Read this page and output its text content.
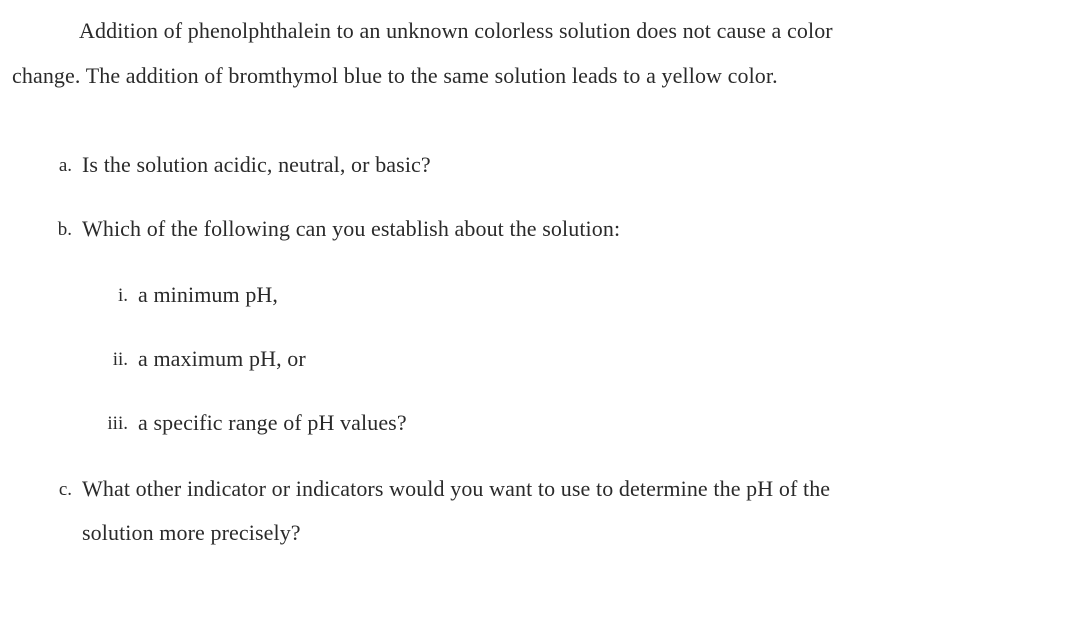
Addition of phenolphthalein to an unknown colorless solution does not cause a color
change. The addition of bromthymol blue to the same solution leads to a yellow color.
a. Is the solution acidic, neutral, or basic?
b. Which of the following can you establish about the solution:
i. a minimum pH,
ii. a maximum pH, or
iii. a specific range of pH values?
c. What other indicator or indicators would you want to use to determine the pH of the
solution more precisely?
